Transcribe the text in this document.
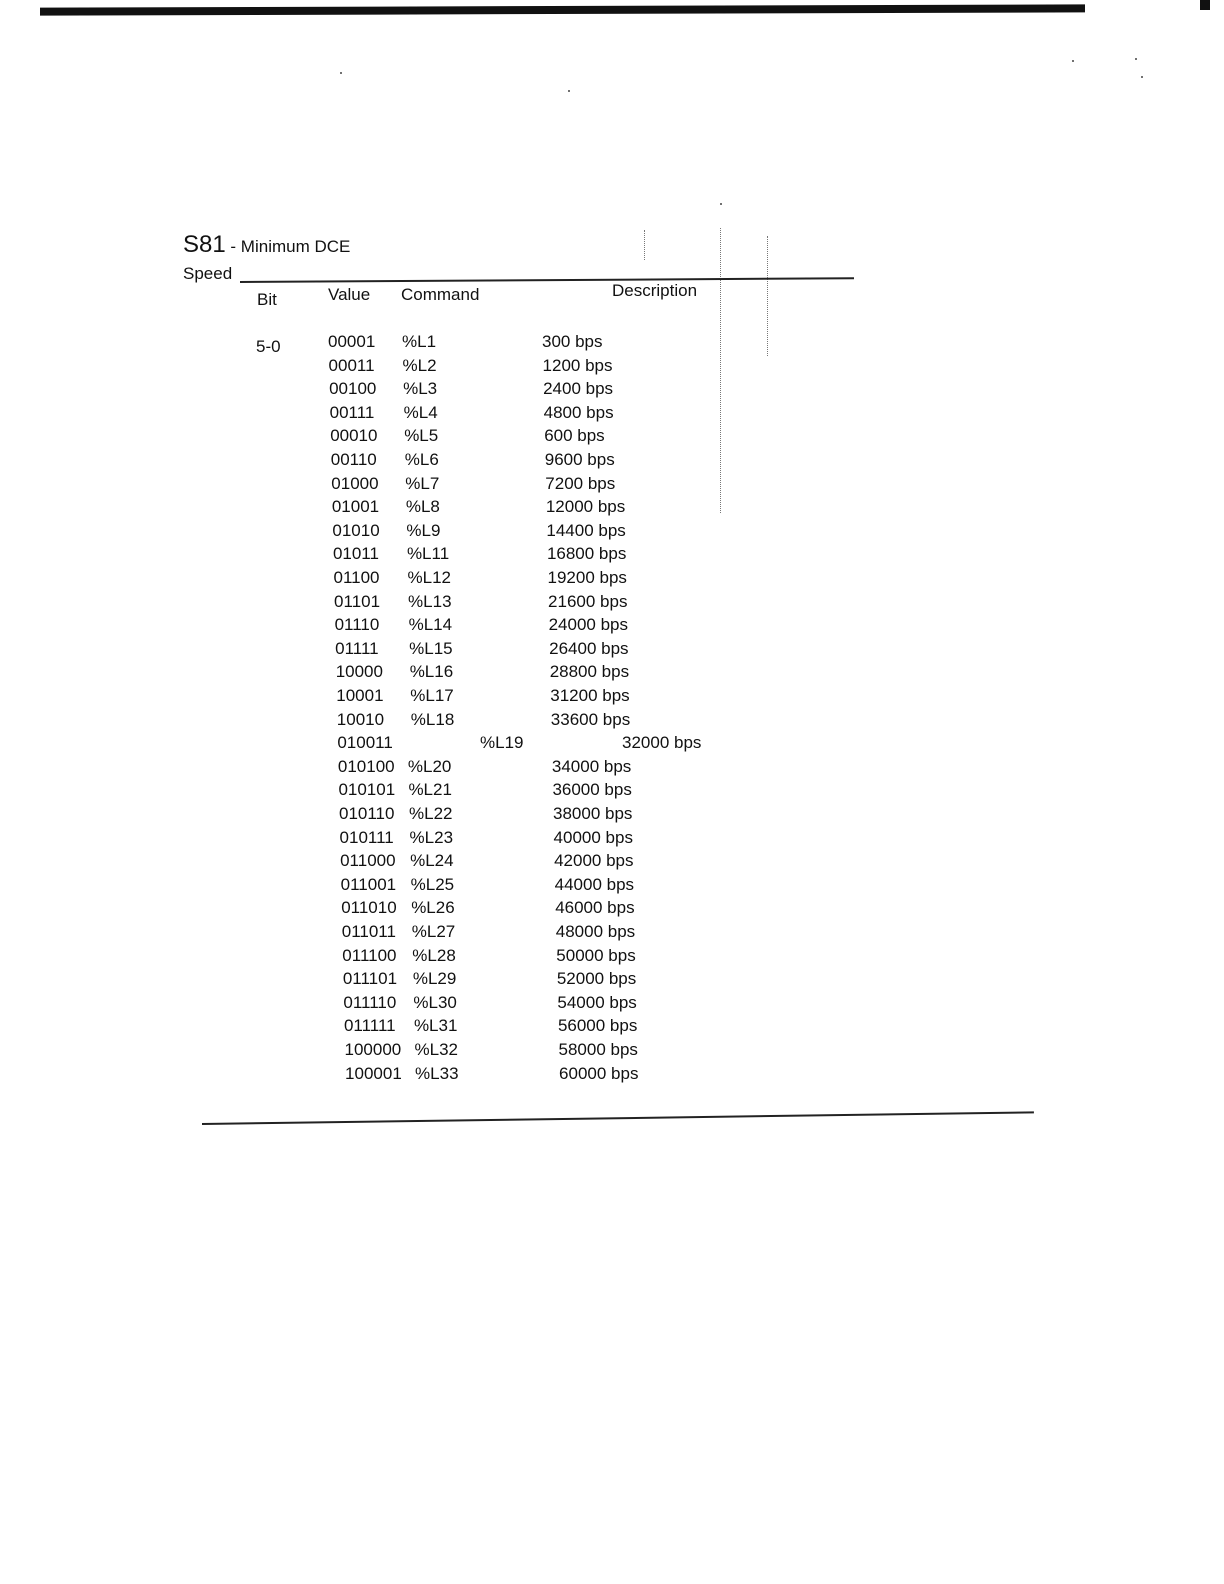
S81 - Minimum DCE
Speed
Bit	Value Command	Description
5-0	00001 %L1	300 bps
00011 %L2	1200 bps
00100 %L3	2400 bps
00111 %L4	4800 bps
00010 %L5	600 bps
00110 %L6	9600 bps
01000 %L7	7200 bps
01001 %L8	12000 bps
01010 %L9	14400 bps
01011 %L11	16800 bps
01100 %L12	19200 bps
01101 %L13	21600 bps
01110 %L14	24000 bps
01111 %L15	26400 bps
10000 %L16	28800 bps
10001 %L17	31200 bps
10010 %L18	33600 bps
010011	%L19	32000 bps
010100 %L20	34000 bps
010101 %L21	36000 bps
010110 %L22	38000 bps
010111 %L23	40000 bps
011000 %L24	42000 bps
011001 %L25	44000 bps
011010 %L26	46000 bps
011011 %L27	48000 bps
011100 %L28	50000 bps
011101 %L29	52000 bps
011110 %L30	54000 bps
011111 %L31	56000 bps
100000 %L32	58000 bps
100001 %L33	60000 bps
